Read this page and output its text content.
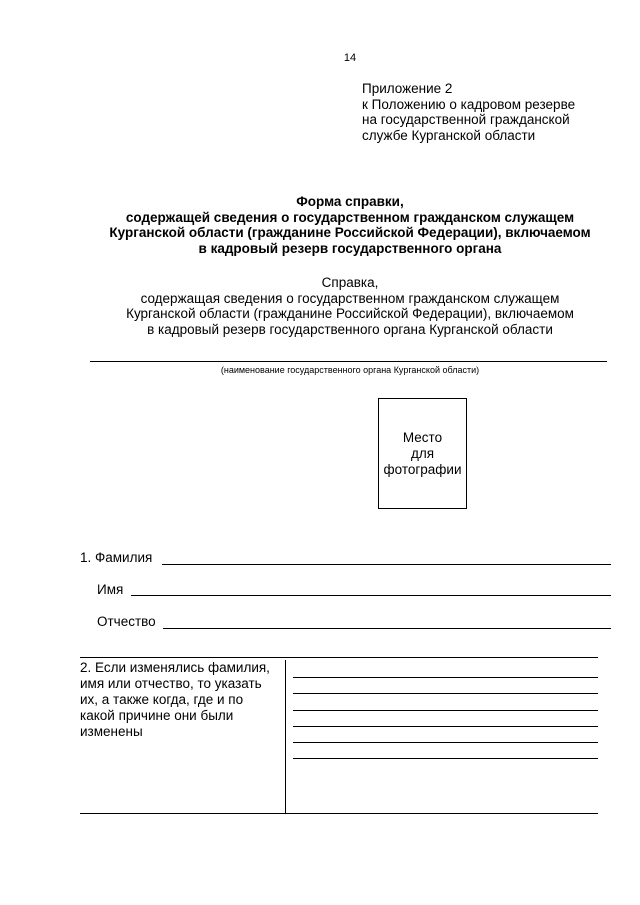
14
Приложение 2
к Положению о кадровом резерве
на государственной гражданской
службе Курганской области
Форма справки,
содержащей сведения о государственном гражданском служащем
Курганской области (гражданине Российской Федерации), включаемом
в кадровый резерв государственного органа
Справка,
содержащая сведения о государственном гражданском служащем
Курганской области (гражданине Российской Федерации), включаемом
в кадровый резерв государственного органа Курганской области
(наименование государственного органа Курганской области)
Место
для
фотографии
1. Фамилия
Имя
Отчество
2. Если изменялись фамилия, имя или отчество, то указать их, а также когда, где и по какой причине они были изменены
